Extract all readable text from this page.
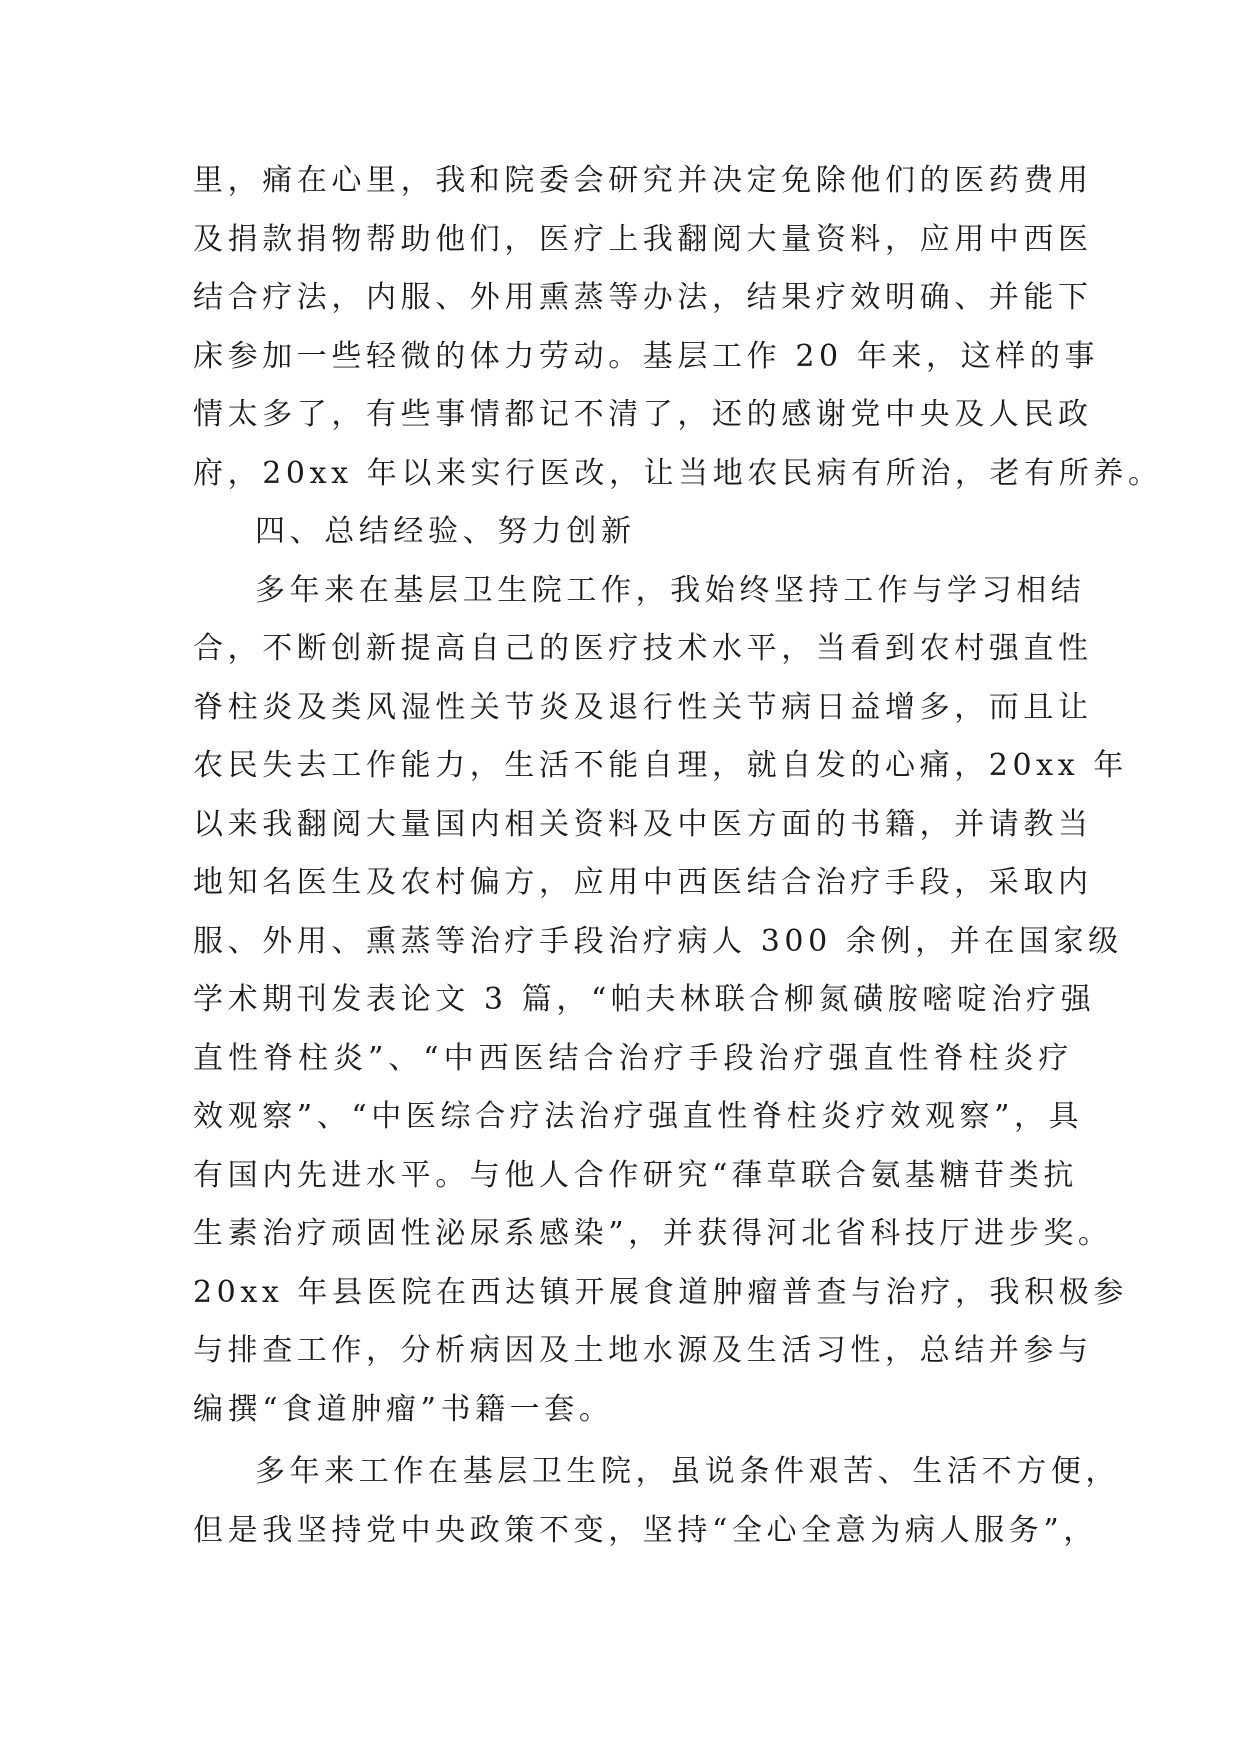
里，痛在心里，我和院委会研究并决定免除他们的医药费用
及捐款捐物帮助他们，医疗上我翻阅大量资料，应用中西医
结合疗法，内服、外用熏蒸等办法，结果疗效明确、并能下
床参加一些轻微的体力劳动。基层工作 20 年来，这样的事
情太多了，有些事情都记不清了，还的感谢党中央及人民政
府，20xx 年以来实行医改，让当地农民病有所治，老有所养。
四、总结经验、努力创新
多年来在基层卫生院工作，我始终坚持工作与学习相结
合，不断创新提高自己的医疗技术水平，当看到农村强直性
脊柱炎及类风湿性关节炎及退行性关节病日益增多，而且让
农民失去工作能力，生活不能自理，就自发的心痛，20xx 年
以来我翻阅大量国内相关资料及中医方面的书籍，并请教当
地知名医生及农村偏方，应用中西医结合治疗手段，采取内
服、外用、熏蒸等治疗手段治疗病人 300 余例，并在国家级
学术期刊发表论文 3 篇，“帕夫林联合柳氮磺胺嘧啶治疗强
直性脊柱炎”、“中西医结合治疗手段治疗强直性脊柱炎疗
效观察”、“中医综合疗法治疗强直性脊柱炎疗效观察”，具
有国内先进水平。与他人合作研究“葎草联合氨基糖苷类抗
生素治疗顽固性泌尿系感染”，并获得河北省科技厅进步奖。
20xx 年县医院在西达镇开展食道肿瘤普查与治疗，我积极参
与排查工作，分析病因及土地水源及生活习性，总结并参与
编撰“食道肿瘤”书籍一套。
多年来工作在基层卫生院，虽说条件艰苦、生活不方便，
但是我坚持党中央政策不变，坚持“全心全意为病人服务”，
